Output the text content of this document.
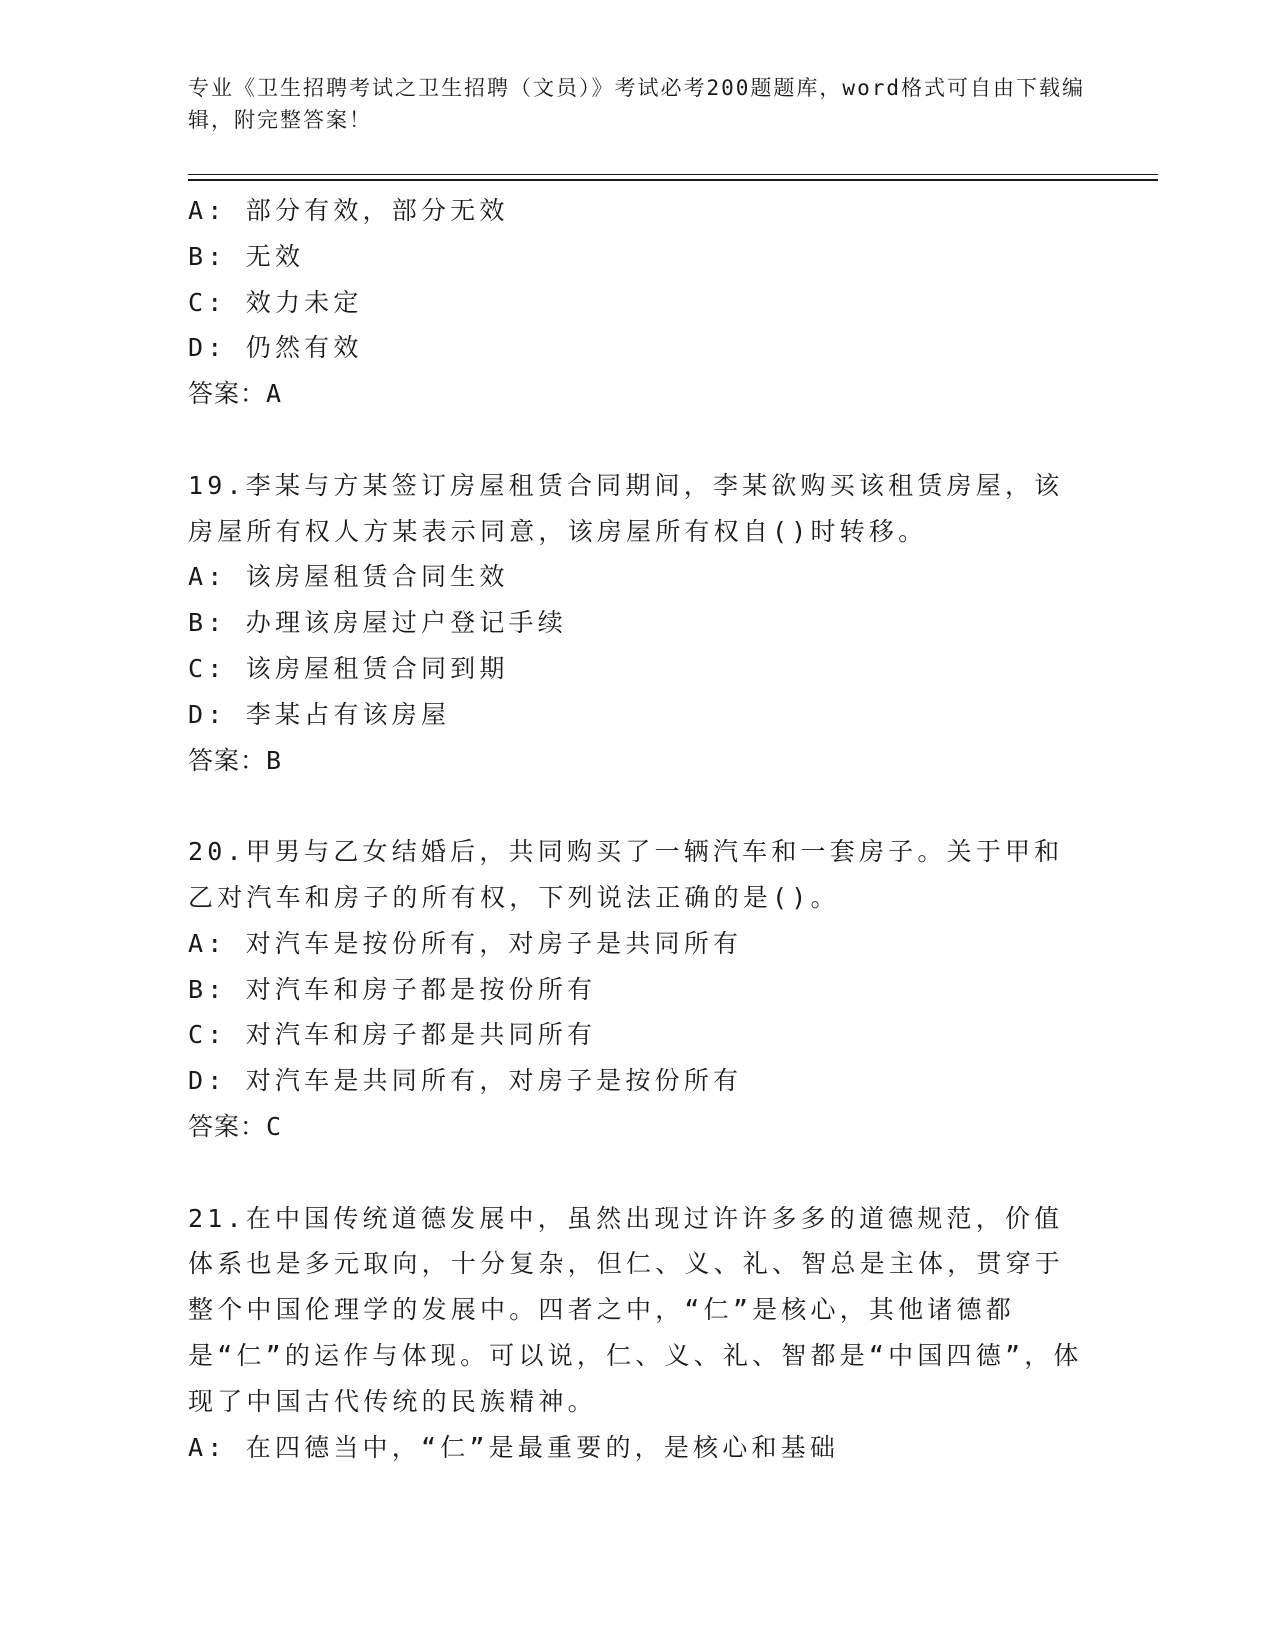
专业《卫生招聘考试之卫生招聘（文员）》考试必考200题题库，word格式可自由下载编辑，附完整答案！
A: 部分有效，部分无效
B: 无效
C: 效力未定
D: 仍然有效
答案：A
19.李某与方某签订房屋租赁合同期间，李某欲购买该租赁房屋，该房屋所有权人方某表示同意，该房屋所有权自()时转移。
A: 该房屋租赁合同生效
B: 办理该房屋过户登记手续
C: 该房屋租赁合同到期
D: 李某占有该房屋
答案：B
20.甲男与乙女结婚后，共同购买了一辆汽车和一套房子。关于甲和乙对汽车和房子的所有权，下列说法正确的是()。
A: 对汽车是按份所有，对房子是共同所有
B: 对汽车和房子都是按份所有
C: 对汽车和房子都是共同所有
D: 对汽车是共同所有，对房子是按份所有
答案：C
21.在中国传统道德发展中，虽然出现过许许多多的道德规范，价值体系也是多元取向，十分复杂，但仁、义、礼、智总是主体，贯穿于整个中国伦理学的发展中。四者之中，“仁”是核心，其他诸德都是“仁”的运作与体现。可以说，仁、义、礼、智都是“中国四德”，体现了中国古代传统的民族精神。
A: 在四德当中，“仁”是最重要的，是核心和基础
